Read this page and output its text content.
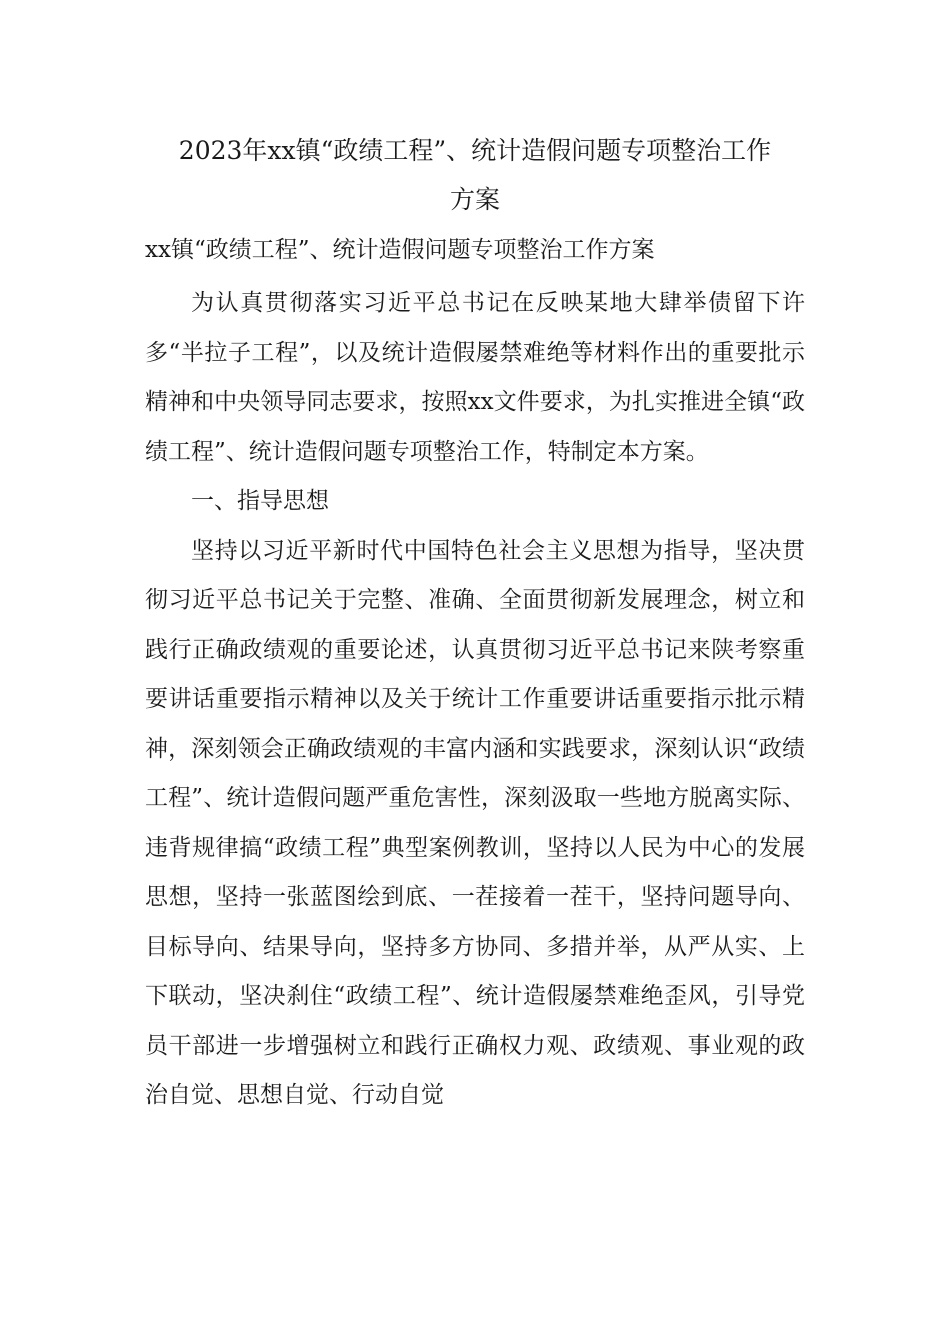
2023年xx镇“政绩工程”、统计造假问题专项整治工作
方案
xx镇“政绩工程”、统计造假问题专项整治工作方案

为认真贯彻落实习近平总书记在反映某地大肆举债留下许多“半拉子工程”，以及统计造假屡禁难绝等材料作出的重要批示精神和中央领导同志要求，按照xx文件要求，为扎实推进全镇“政绩工程”、统计造假问题专项整治工作，特制定本方案。

一、指导思想

坚持以习近平新时代中国特色社会主义思想为指导，坚决贯彻习近平总书记关于完整、准确、全面贯彻新发展理念，树立和践行正确政绩观的重要论述，认真贯彻习近平总书记来陕考察重要讲话重要指示精神以及关于统计工作重要讲话重要指示批示精神，深刻领会正确政绩观的丰富内涵和实践要求，深刻认识“政绩工程”、统计造假问题严重危害性，深刻汲取一些地方脱离实际、违背规律搞“政绩工程”典型案例教训，坚持以人民为中心的发展思想，坚持一张蓝图绘到底、一茬接着一茬干，坚持问题导向、目标导向、结果导向，坚持多方协同、多措并举，从严从实、上下联动，坚决刹住“政绩工程”、统计造假屡禁难绝歪风，引导党员干部进一步增强树立和践行正确权力观、政绩观、事业观的政治自觉、思想自觉、行动自觉
